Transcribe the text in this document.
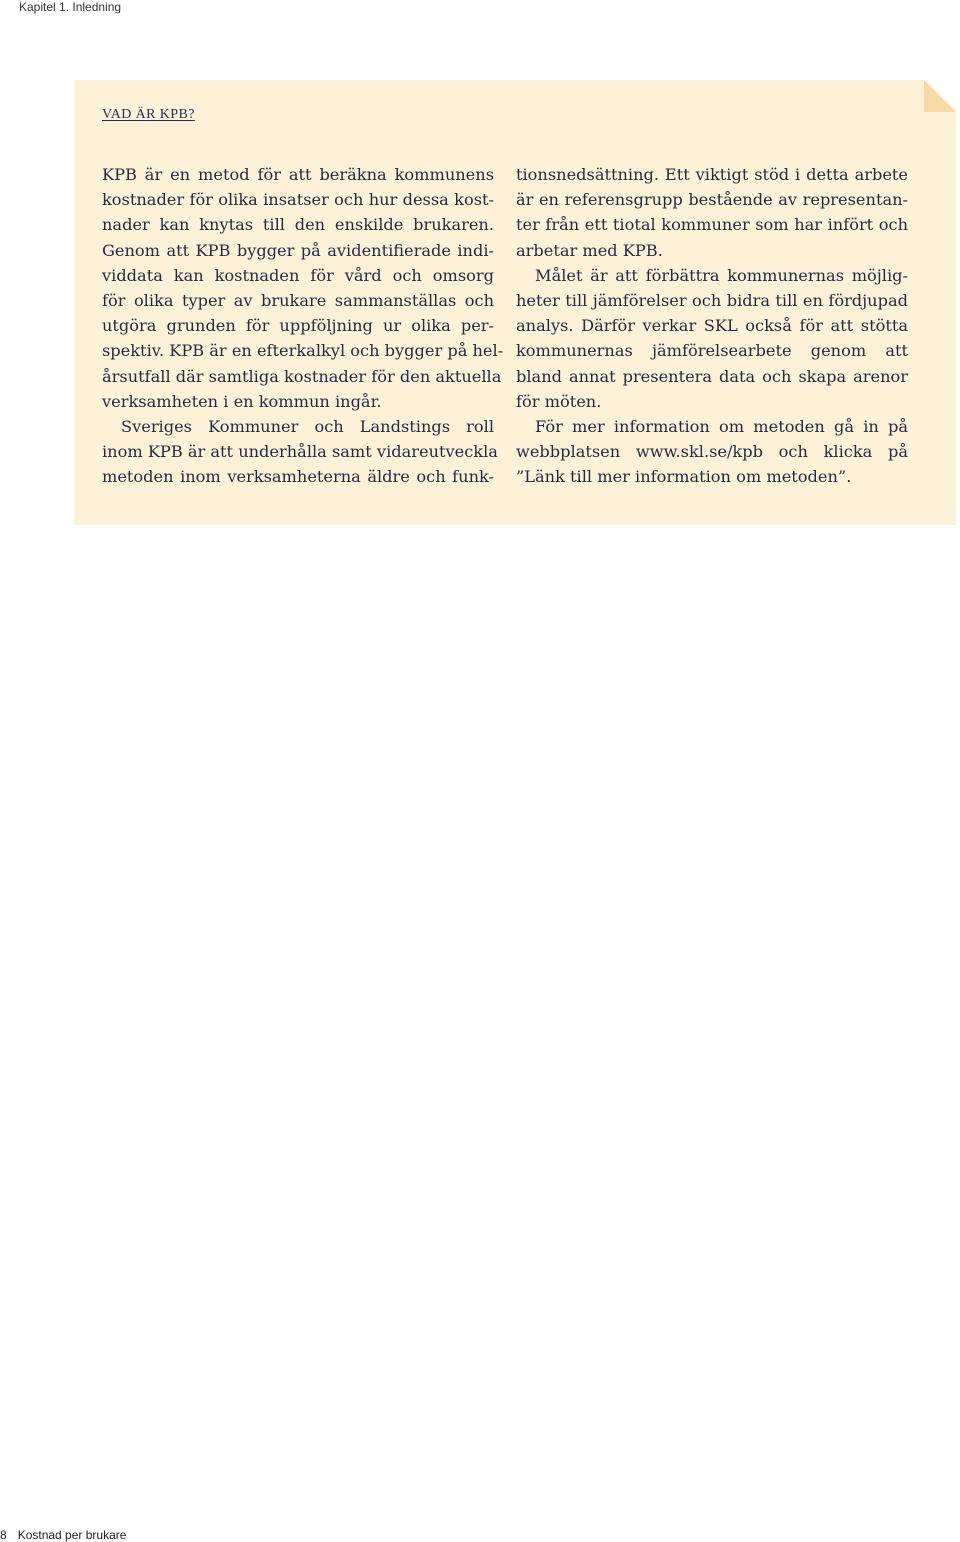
Kapitel 1. Inledning
VAD ÄR KPB?
KPB är en metod för att beräkna kommunens
kostnader för olika insatser och hur dessa kost-
nader kan knytas till den enskilde brukaren.
Genom att KPB bygger på avidentifierade indi-
viddata kan kostnaden för vård och omsorg
för olika typer av brukare sammanställas och
utgöra grunden för uppföljning ur olika per-
spektiv. KPB är en efterkalkyl och bygger på hel-
årsutfall där samtliga kostnader för den aktuella
verksamheten i en kommun ingår.
Sveriges Kommuner och Landstings roll
inom KPB är att underhålla samt vidareutveckla
metoden inom verksamheterna äldre och funk-
tionsnedsättning. Ett viktigt stöd i detta arbete
är en referensgrupp bestående av representan-
ter från ett tiotal kommuner som har infört och
arbetar med KPB.
Målet är att förbättra kommunernas möjlig-
heter till jämförelser och bidra till en fördjupad
analys. Därför verkar SKL också för att stötta
kommunernas jämförelsearbete genom att
bland annat presentera data och skapa arenor
för möten.
För mer information om metoden gå in på
webbplatsen www.skl.se/kpb och klicka på
”Länk till mer information om metoden”.
8 Kostnad per brukare
